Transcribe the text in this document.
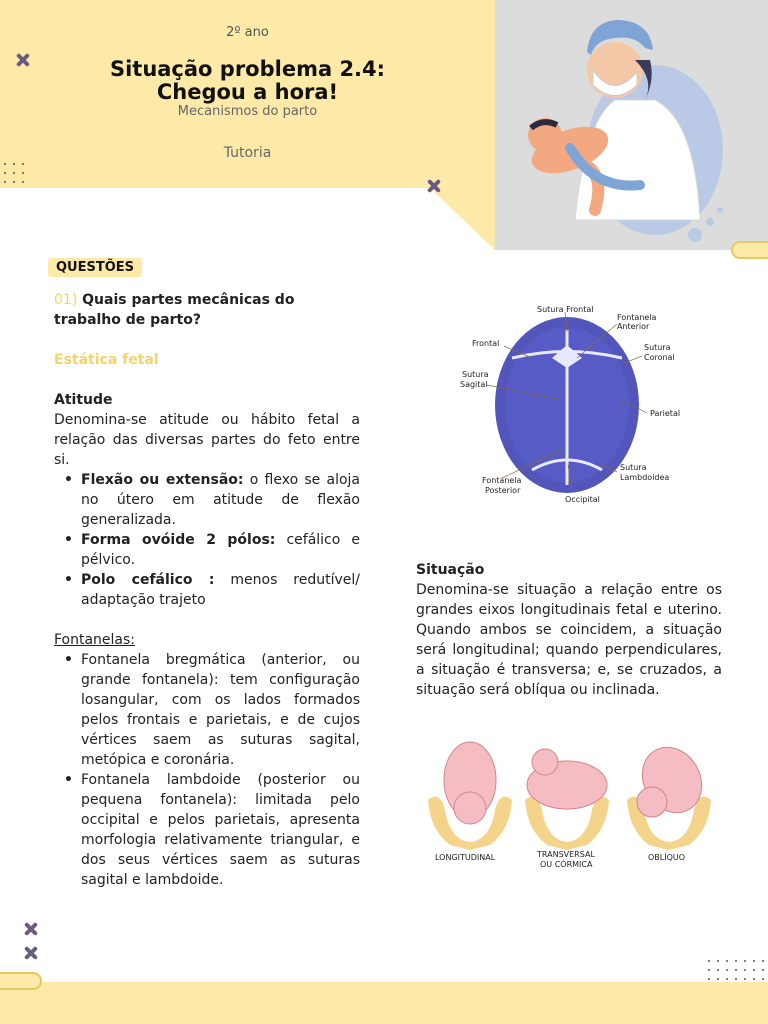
2º ano
Situação problema 2.4:
Chegou a hora!
Mecanismos do parto
Tutoria
QUESTÕES
01) Quais partes mecânicas do trabalho de parto?
Estática fetal
Atitude
Denomina-se atitude ou hábito fetal a relação das diversas partes do feto entre si.
• Flexão ou extensão: o flexo se aloja no útero em atitude de flexão generalizada.
• Forma ovóide 2 pólos: cefálico e pélvico.
• Polo cefálico : menos redutível/ adaptação trajeto
Fontanelas:
• Fontanela bregmática (anterior, ou grande fontanela): tem configuração losangular, com os lados formados pelos frontais e parietais, e de cujos vértices saem as suturas sagital, metópica e coronária.
• Fontanela lambdoide (posterior ou pequena fontanela): limitada pelo occipital e pelos parietais, apresenta morfologia relativamente triangular, e dos seus vértices saem as suturas sagital e lambdoide.
Sutura Frontal
Fontanela
Anterior
Frontal	Sutura
Coronal
Sutura
Sagital
Parietal
Sutura
Lambdoidea
Fontanela
Posterior
Occipital
Situação
Denomina-se situação a relação entre os grandes eixos longitudinais fetal e uterino. Quando ambos se coincidem, a situação será longitudinal; quando perpendiculares, a situação é transversa; e, se cruzados, a situação será oblíqua ou inclinada.
LONGITUDINAL	TRANSVERSAL
OU CÓRMICA
OBLÍQUO
